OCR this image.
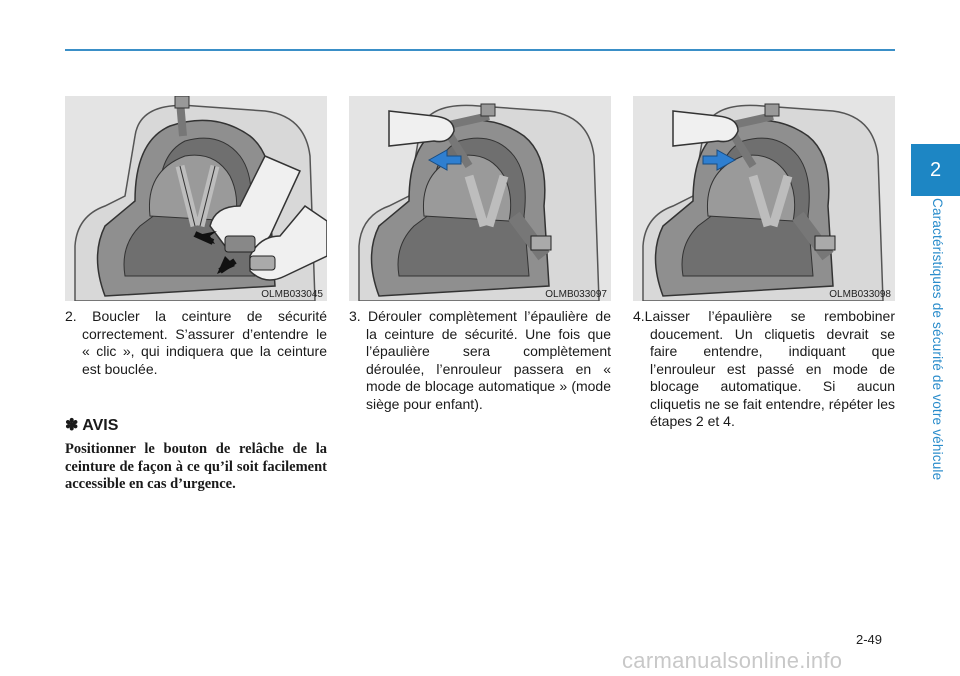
2
Caractéristiques de sécurité de votre véhicule
OLMB033045	OLMB033097	OLMB033098
2. Boucler la ceinture de sécurité correctement. S’assurer d’entendre le « clic », qui indiquera que la ceinture est bouclée.
3. Dérouler complètement l’épaulière de la ceinture de sécurité. Une fois que l’épaulière sera complètement déroulée, l’enrouleur passera en « mode de blocage automatique » (mode siège pour enfant).
4.Laisser l’épaulière se rembobiner doucement. Un cliquetis devrait se faire entendre, indiquant que l’enrouleur est passé en mode de blocage automatique. Si aucun cliquetis ne se fait entendre, répéter les étapes 2 et 4.
✽ AVIS
Positionner le bouton de relâche de la ceinture de façon à ce qu’il soit facilement accessible en cas d’urgence.
2-49
carmanualsonline.info
